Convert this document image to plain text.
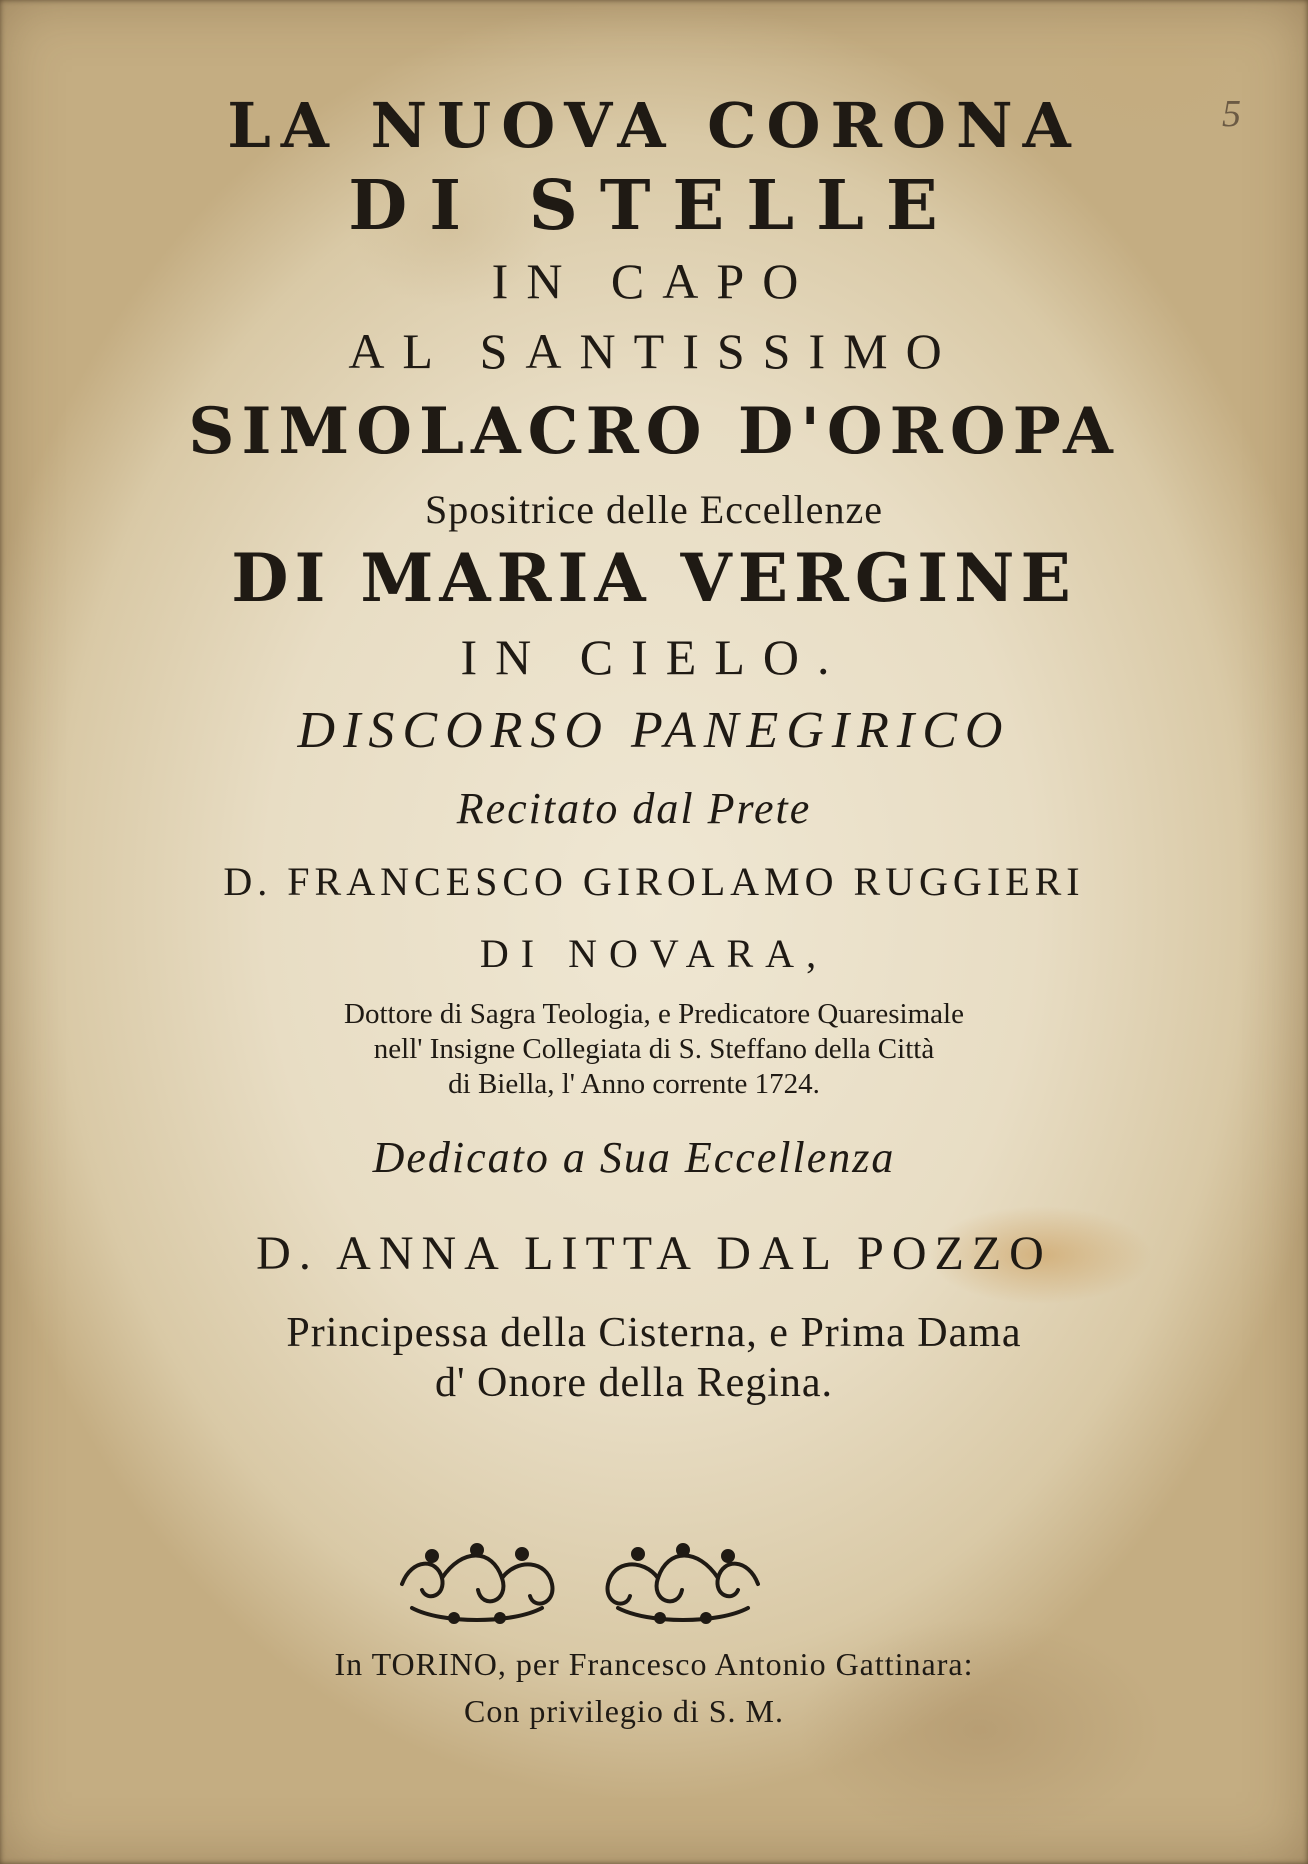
LA NUOVA CORONA
DI STELLE
IN CAPO
AL SANTISSIMO
SIMOLACRO D'OROPA
Spositrice delle Eccellenze
DI MARIA VERGINE
IN CIELO.
DISCORSO PANEGIRICO
Recitato dal Prete
D. FRANCESCO GIROLAMO RUGGIERI
DI NOVARA,
Dottore di Sagra Teologia, e Predicatore Quaresimale
nell' Insigne Collegiata di S. Steffano della Città
di Biella, l' Anno corrente 1724.
Dedicato a Sua Eccellenza
D. ANNA LITTA DAL POZZO
Principessa della Cisterna, e Prima Dama
d' Onore della Regina.
In TORINO, per Francesco Antonio Gattinara:
Con privilegio di S. M.
5
